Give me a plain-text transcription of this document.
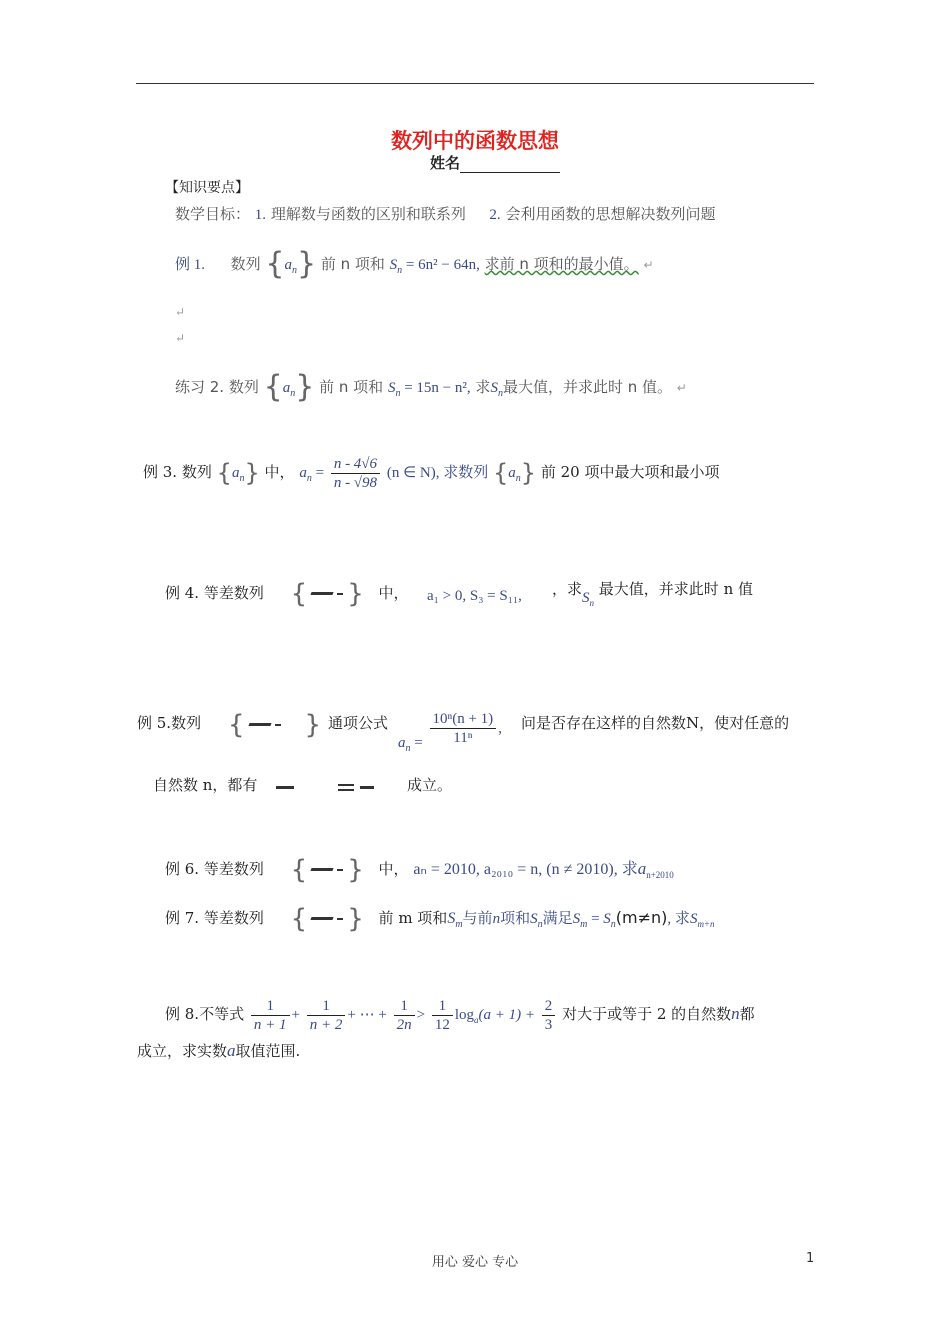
数列中的函数思想
姓名
【知识要点】
数学目标： 1. 理解数与函数的区别和联系列 2. 会利用函数的思想解决数列问题
例 1. 数列 $\{a_n\}$ 前 n 项和 $S_n = 6n^2 - 64n$, 求前 n 项和的最小值。 ↵
↵
↵
练习 2. 数列 $\{a_n\}$ 前 n 项和 $S_n = 15n - n^2$, 求$S_n$最大值，并求此时 n 值。 ↵
例 3. 数列 $\{a_n\}$ 中， $a_n = \frac{n - 4√6}{n - √98} (n$ ∈ N), 求数列 $\{a_n\}$ 前 20 项中最大项和最小项
例 4. 等差数列 { } 中， a₁ > 0, S₃ = S₁₁, ，求$S_n$ 最大值，并求此时 n 值
例 5.数列 { } 通项公式
$a_n = \frac{\text{10ⁿ(n + 1)}}{\text{11ⁿ}}$ , 问是否存在这样的自然数N，使对任意的
自然数 n，都有	成立。
例 6. 等差数列 { } 中， aₙ = 2010, a₂₀₁₀ = n, (n ≠ 2010), 求$a_{n+2010}$
例 7. 等差数列 { } 前 m 项和$S_m$与前n项和$S_n$满足$S_m = S_n(m\ne n)$, 求$S_{m+n}$
例 8.不等式 $\frac{1}{n + 1} + \frac{1}{n + 2}$ + ⋯ + $\frac{1}{2n} > \frac{1}{12} \log_a(a + 1) + \frac{2}{3}$ 对大于或等于 2 的自然数n都
成立，求实数a取值范围.
用心 爱心 专心	1
